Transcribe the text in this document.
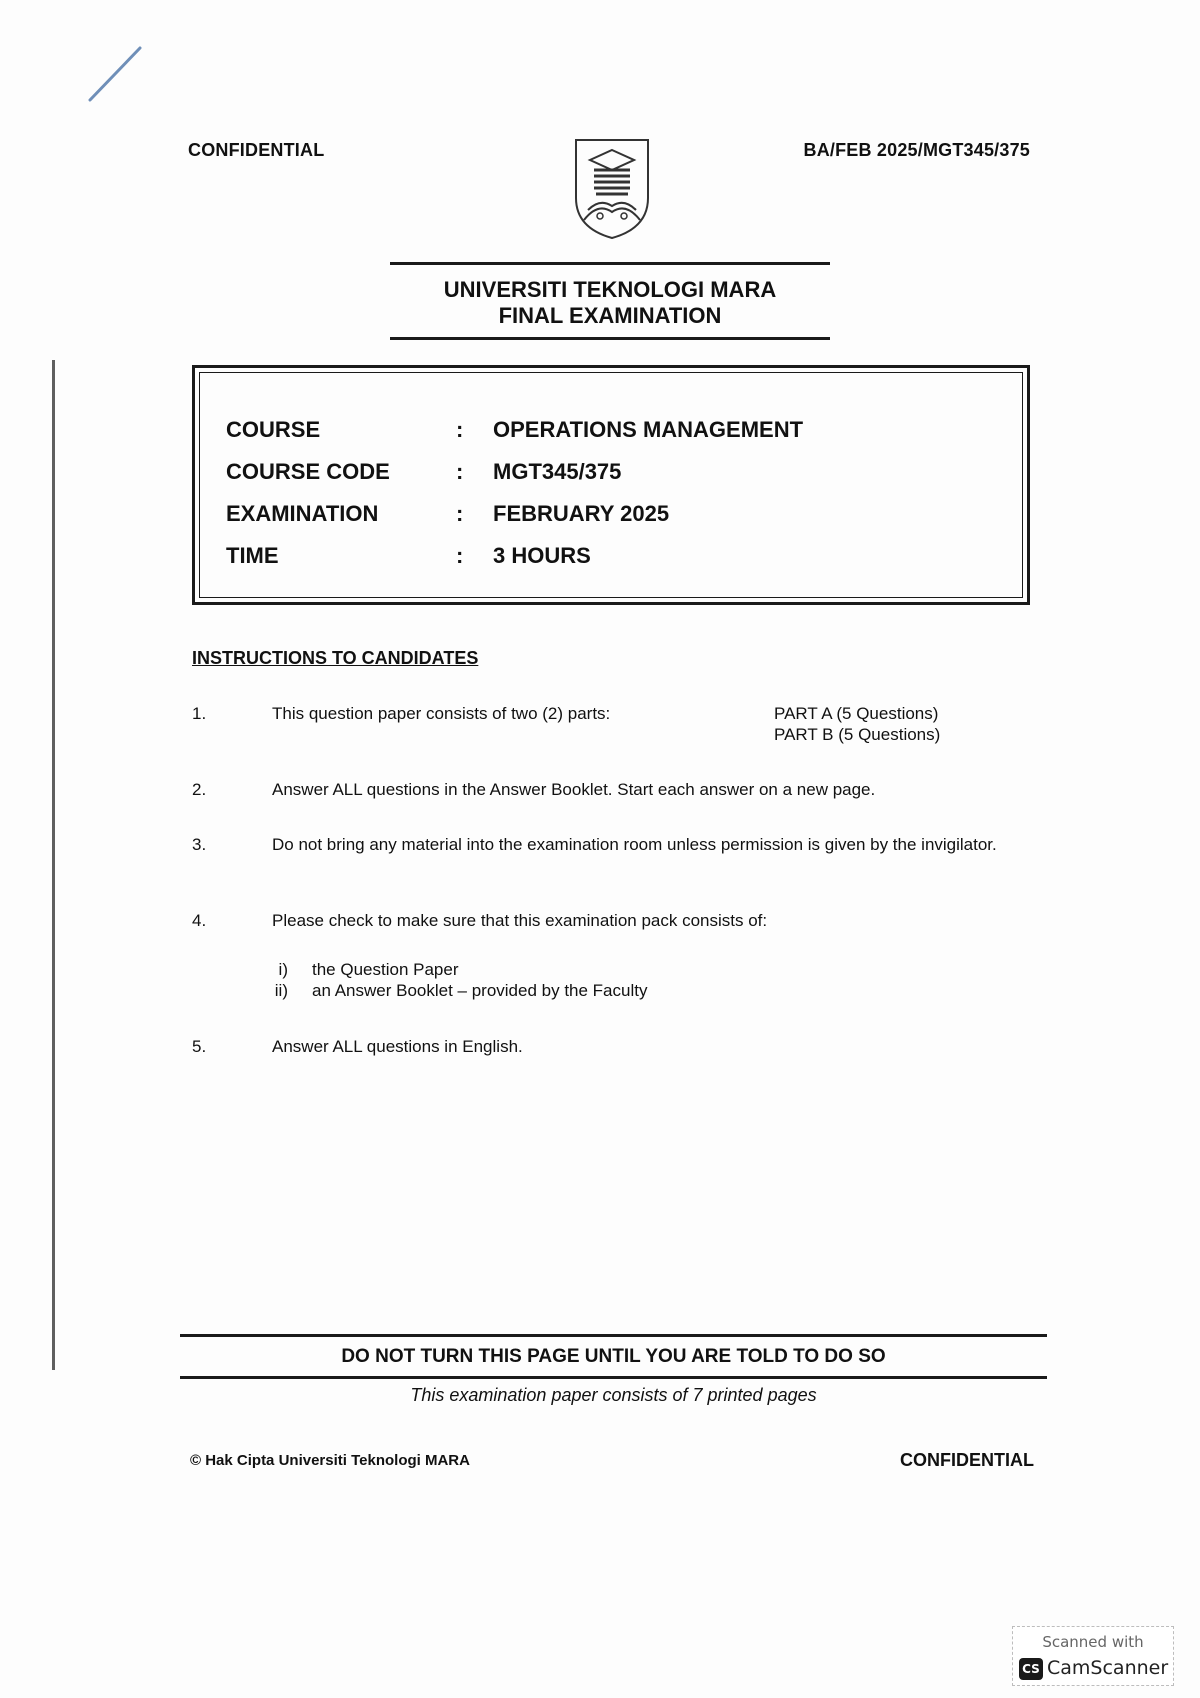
CONFIDENTIAL	BA/FEB 2025/MGT345/375
UNIVERSITI TEKNOLOGI MARA
FINAL EXAMINATION
COURSE	:	OPERATIONS MANAGEMENT
COURSE CODE	:	MGT345/375
EXAMINATION	:	FEBRUARY 2025
TIME	:	3 HOURS
INSTRUCTIONS TO CANDIDATES
1.	This question paper consists of two (2) parts:	PART A (5 Questions)
PART B (5 Questions)
2.	Answer ALL questions in the Answer Booklet. Start each answer on a new page.
3.	Do not bring any material into the examination room unless permission is given by the invigilator.
4.	Please check to make sure that this examination pack consists of:
i) the Question Paper
ii) an Answer Booklet – provided by the Faculty
5.	Answer ALL questions in English.
DO NOT TURN THIS PAGE UNTIL YOU ARE TOLD TO DO SO
This examination paper consists of 7 printed pages
© Hak Cipta Universiti Teknologi MARA	CONFIDENTIAL
Scanned with
CS CamScanner
